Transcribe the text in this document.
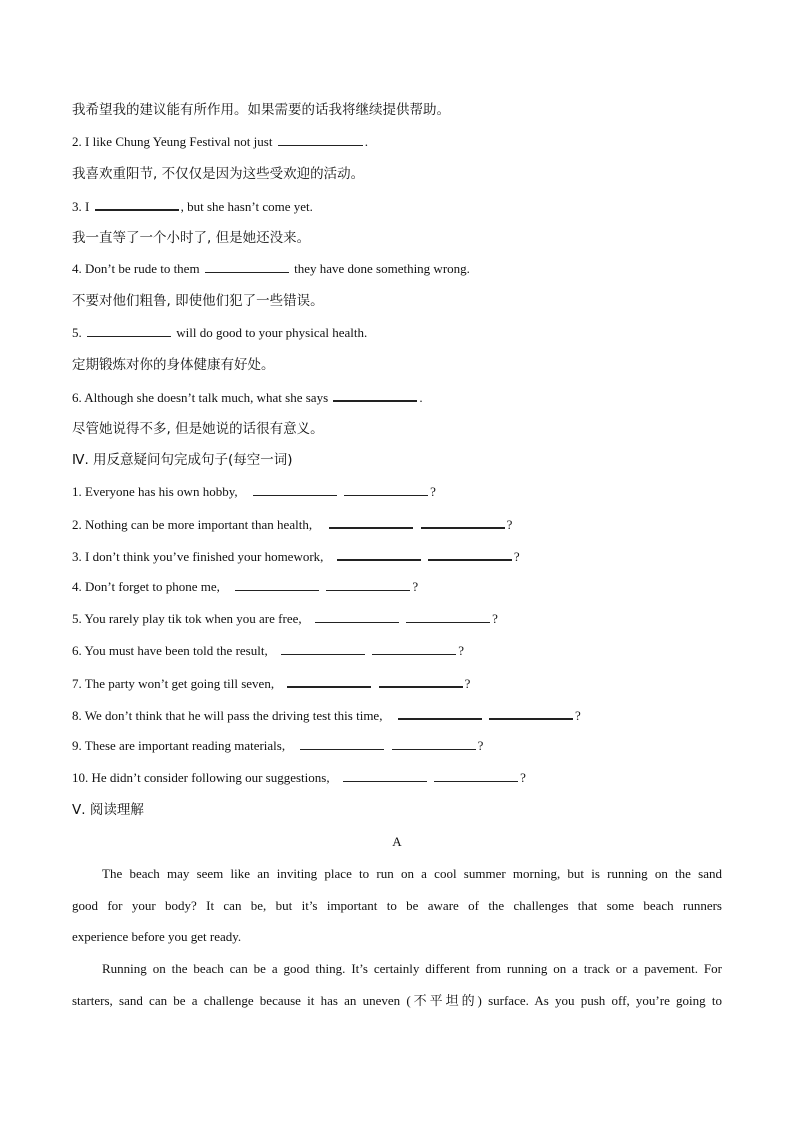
我希望我的建议能有所作用。如果需要的话我将继续提供帮助。
2. I like Chung Yeung Festival not just	.
我喜欢重阳节, 不仅仅是因为这些受欢迎的活动。
3. I	, but she hasn’t come yet.
我一直等了一个小时了, 但是她还没来。
4. Don’t be rude to them	they have done something wrong.
不要对他们粗鲁, 即使他们犯了一些错误。
5.	will do good to your physical health.
定期锻炼对你的身体健康有好处。
6. Although she doesn’t talk much, what she says	.
尽管她说得不多, 但是她说的话很有意义。
Ⅳ. 用反意疑问句完成句子(每空一词)
1. Everyone has his own hobby,	?
2. Nothing can be more important than health,	?
3. I don’t think you’ve finished your homework,	?
4. Don’t forget to phone me,	?
5. You rarely play tik tok when you are free,	?
6. You must have been told the result,	?
7. The party won’t get going till seven,	?
8. We don’t think that he will pass the driving test this time,	?
9. These are important reading materials,	?
10. He didn’t consider following our suggestions,	?
Ⅴ. 阅读理解
A
The beach may seem like an inviting place to run on a cool summer morning, but is running on the sand
good for your body? It can be, but it’s important to be aware of the challenges that some beach runners
experience before you get ready.
Running on the beach can be a good thing. It’s certainly different from running on a track or a pavement. For
starters, sand can be a challenge because it has an uneven (不平坦的) surface. As you push off, you’re going to
